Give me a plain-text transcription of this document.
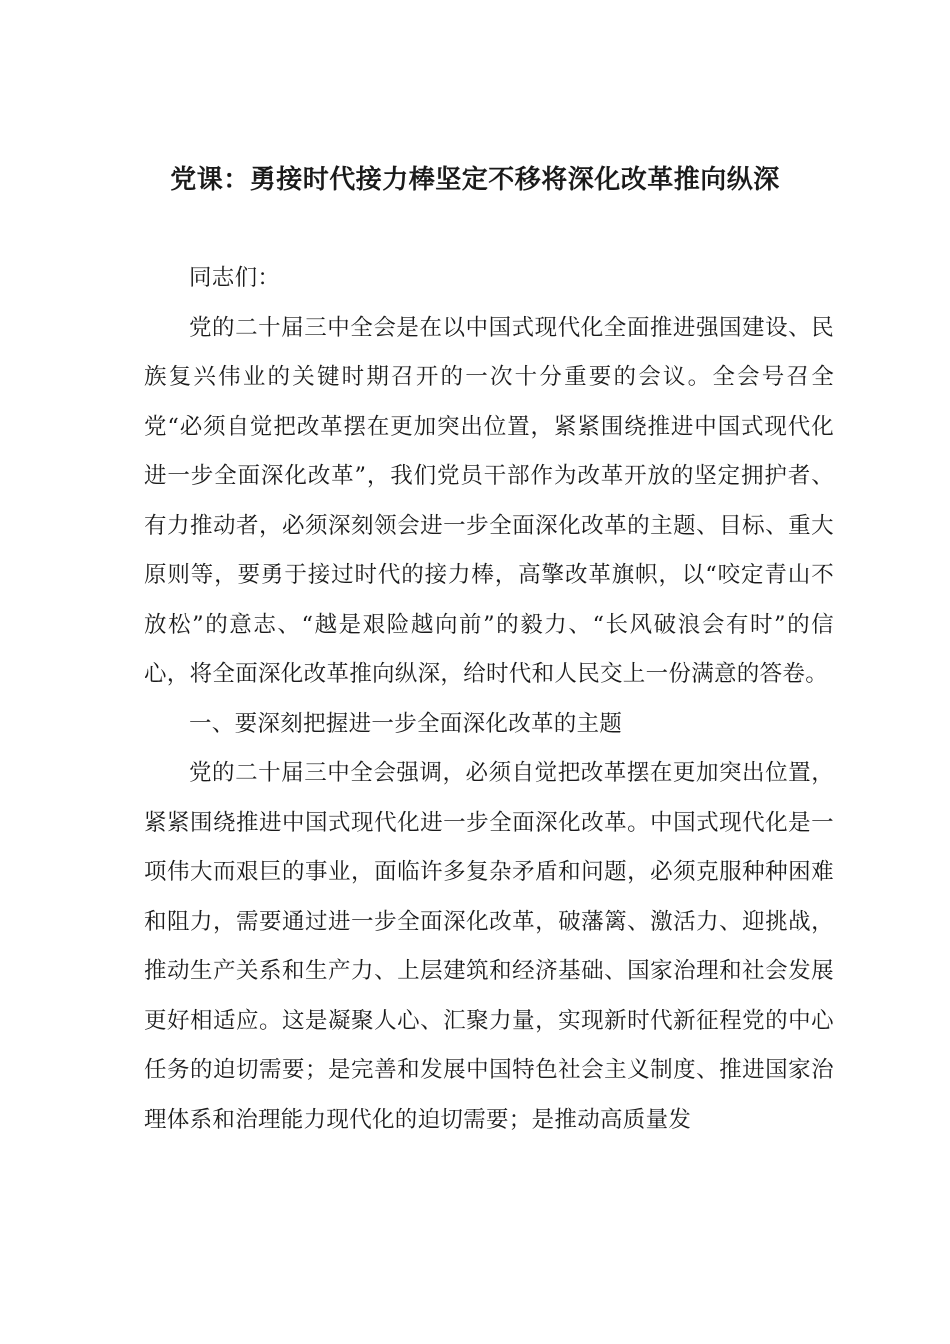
党课：勇接时代接力棒坚定不移将深化改革推向纵深

同志们：

党的二十届三中全会是在以中国式现代化全面推进强国建设、民族复兴伟业的关键时期召开的一次十分重要的会议。全会号召全党“必须自觉把改革摆在更加突出位置，紧紧围绕推进中国式现代化进一步全面深化改革”，我们党员干部作为改革开放的坚定拥护者、有力推动者，必须深刻领会进一步全面深化改革的主题、目标、重大原则等，要勇于接过时代的接力棒，高擎改革旗帜，以“咬定青山不放松”的意志、“越是艰险越向前”的毅力、“长风破浪会有时”的信心，将全面深化改革推向纵深，给时代和人民交上一份满意的答卷。

一、要深刻把握进一步全面深化改革的主题

党的二十届三中全会强调，必须自觉把改革摆在更加突出位置，紧紧围绕推进中国式现代化进一步全面深化改革。中国式现代化是一项伟大而艰巨的事业，面临许多复杂矛盾和问题，必须克服种种困难和阻力，需要通过进一步全面深化改革，破藩篱、激活力、迎挑战，推动生产关系和生产力、上层建筑和经济基础、国家治理和社会发展更好相适应。这是凝聚人心、汇聚力量，实现新时代新征程党的中心任务的迫切需要；是完善和发展中国特色社会主义制度、推进国家治理体系和治理能力现代化的迫切需要；是推动高质量发
